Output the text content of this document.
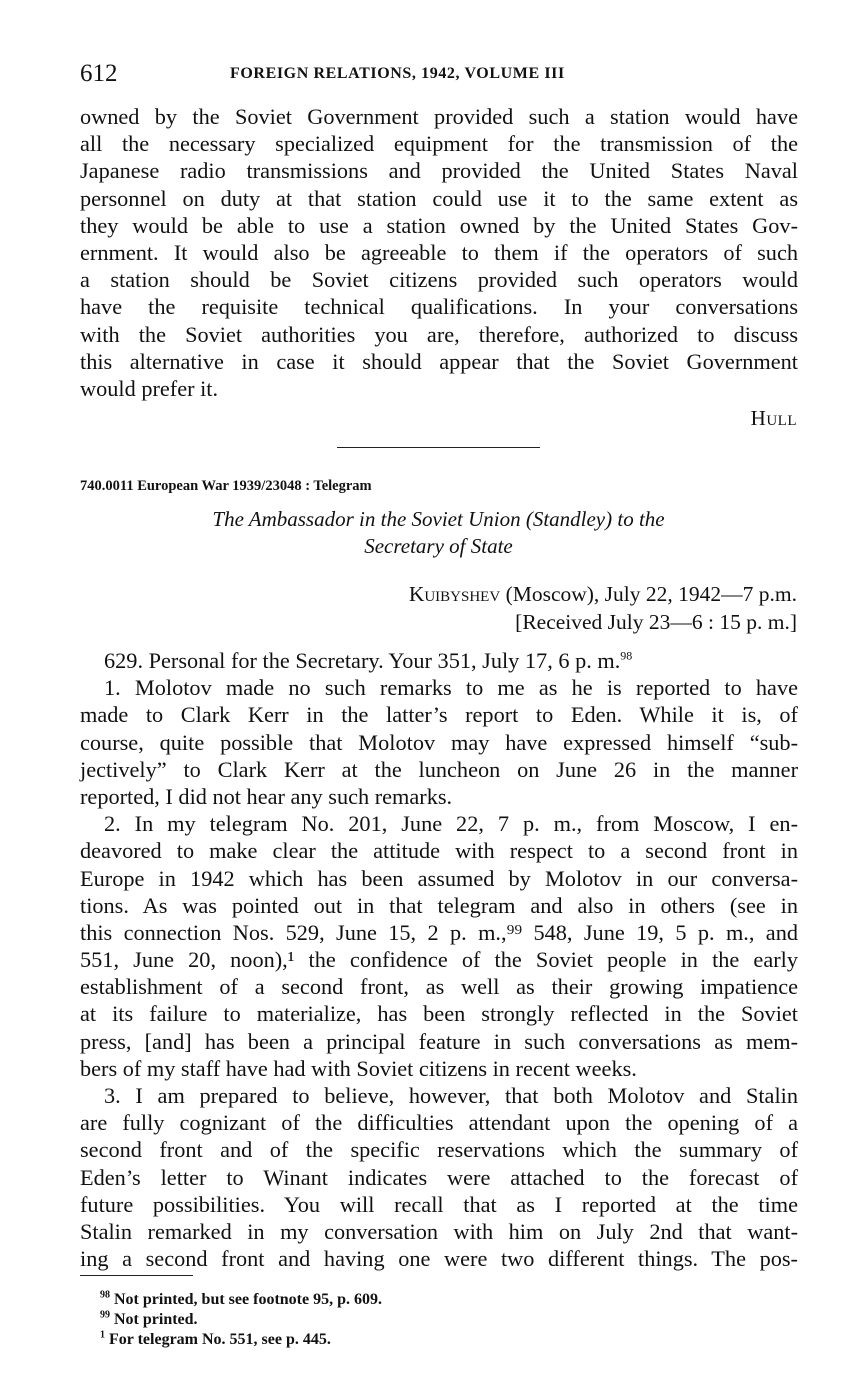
612	FOREIGN RELATIONS, 1942, VOLUME III
owned by the Soviet Government provided such a station would have
all the necessary specialized equipment for the transmission of the
Japanese radio transmissions and provided the United States Naval
personnel on duty at that station could use it to the same extent as
they would be able to use a station owned by the United States Gov-
ernment. It would also be agreeable to them if the operators of such
a station should be Soviet citizens provided such operators would
have the requisite technical qualifications. In your conversations
with the Soviet authorities you are, therefore, authorized to discuss
this alternative in case it should appear that the Soviet Government
would prefer it.
Hull
740.0011 European War 1939/23048 : Telegram
The Ambassador in the Soviet Union (Standley) to the
Secretary of State
Kuibyshev (Moscow), July 22, 1942—7 p.m.
[Received July 23—6 : 15 p. m.]
629. Personal for the Secretary. Your 351, July 17, 6 p. m.$^{98}$
1. Molotov made no such remarks to me as he is reported to have
made to Clark Kerr in the latter’s report to Eden. While it is, of
course, quite possible that Molotov may have expressed himself “sub-
jectively” to Clark Kerr at the luncheon on June 26 in the manner
reported, I did not hear any such remarks.
2. In my telegram No. 201, June 22, 7 p. m., from Moscow, I en-
deavored to make clear the attitude with respect to a second front in
Europe in 1942 which has been assumed by Molotov in our conversa-
tions. As was pointed out in that telegram and also in others (see in
this connection Nos. 529, June 15, 2 p. m.,⁹⁹ 548, June 19, 5 p. m., and
551, June 20, noon),¹ the confidence of the Soviet people in the early
establishment of a second front, as well as their growing impatience
at its failure to materialize, has been strongly reflected in the Soviet
press, [and] has been a principal feature in such conversations as mem-
bers of my staff have had with Soviet citizens in recent weeks.
3. I am prepared to believe, however, that both Molotov and Stalin
are fully cognizant of the difficulties attendant upon the opening of a
second front and of the specific reservations which the summary of
Eden’s letter to Winant indicates were attached to the forecast of
future possibilities. You will recall that as I reported at the time
Stalin remarked in my conversation with him on July 2nd that want-
ing a second front and having one were two different things. The pos-
$^{98}$ Not printed, but see footnote 95, p. 609.
$^{99}$ Not printed.
$^1$ For telegram No. 551, see p. 445.
